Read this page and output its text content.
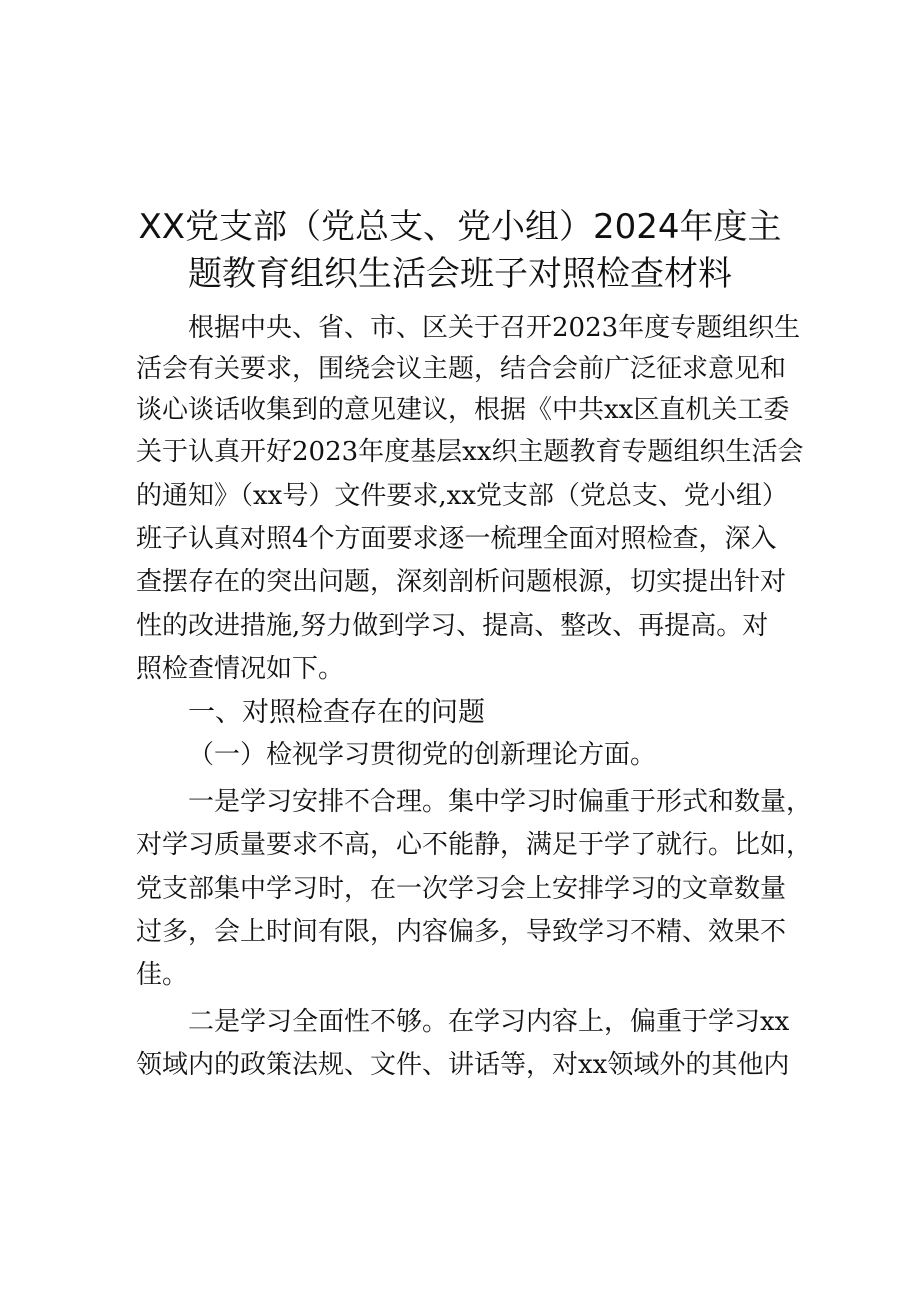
XX党支部（党总支、党小组）2024年度主
题教育组织生活会班子对照检查材料
根据中央、省、市、区关于召开2023年度专题组织生
活会有关要求，围绕会议主题，结合会前广泛征求意见和
谈心谈话收集到的意见建议，根据《中共xx区直机关工委
关于认真开好2023年度基层xx织主题教育专题组织生活会
的通知》（xx号）文件要求,xx党支部（党总支、党小组）
班子认真对照4个方面要求逐一梳理全面对照检查，深入
查摆存在的突出问题，深刻剖析问题根源，切实提出针对
性的改进措施,努力做到学习、提高、整改、再提高。对
照检查情况如下。
一、对照检查存在的问题
（一）检视学习贯彻党的创新理论方面。
一是学习安排不合理。集中学习时偏重于形式和数量，
对学习质量要求不高，心不能静，满足于学了就行。比如，
党支部集中学习时，在一次学习会上安排学习的文章数量
过多，会上时间有限，内容偏多，导致学习不精、效果不
佳。
二是学习全面性不够。在学习内容上，偏重于学习xx
领域内的政策法规、文件、讲话等，对xx领域外的其他内
